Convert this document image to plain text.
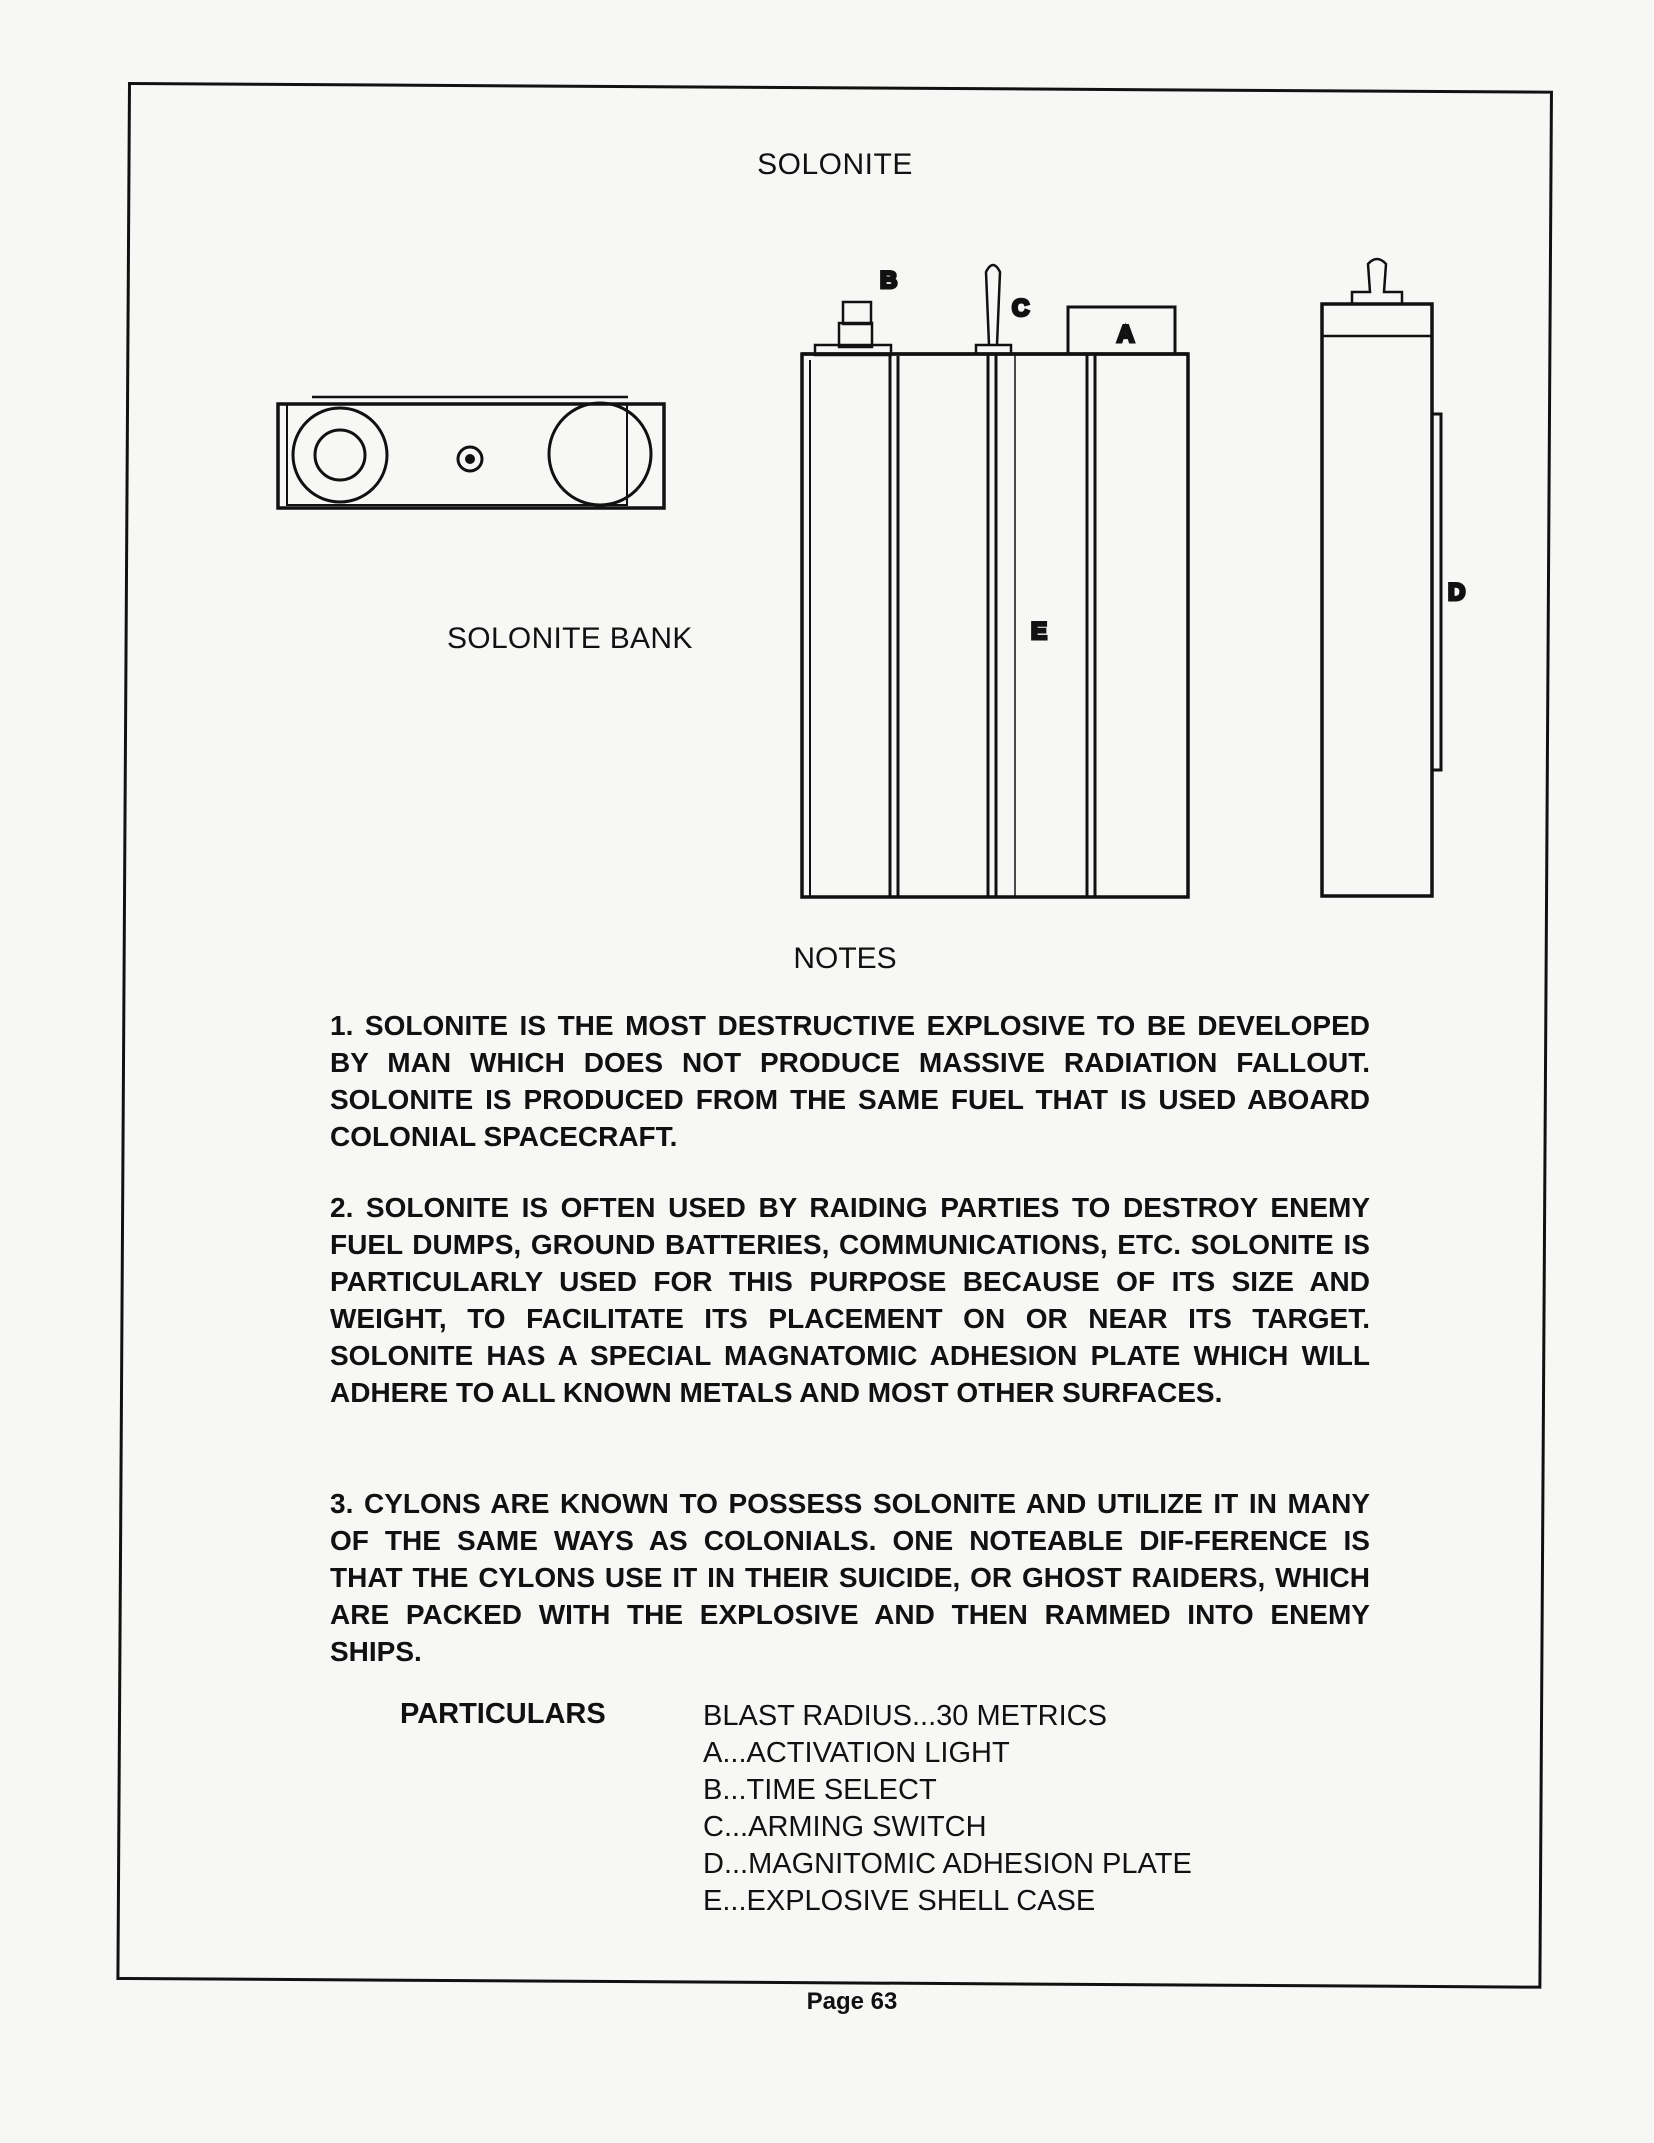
SOLONITE
B
C
A
D
E
SOLONITE BANK
NOTES

1. SOLONITE IS THE MOST DESTRUCTIVE EXPLOSIVE TO BE DEVELOPED BY MAN WHICH DOES NOT PRODUCE MASSIVE RADIATION FALLOUT. SOLONITE IS PRODUCED FROM THE SAME FUEL THAT IS USED ABOARD COLONIAL SPACECRAFT.

2. SOLONITE IS OFTEN USED BY RAIDING PARTIES TO DESTROY ENEMY FUEL DUMPS, GROUND BATTERIES, COMMUNICATIONS, ETC. SOLONITE IS PARTICULARLY USED FOR THIS PURPOSE BECAUSE OF ITS SIZE AND WEIGHT, TO FACILITATE ITS PLACEMENT ON OR NEAR ITS TARGET. SOLONITE HAS A SPECIAL MAGNATOMIC ADHESION PLATE WHICH WILL ADHERE TO ALL KNOWN METALS AND MOST OTHER SURFACES.

3. CYLONS ARE KNOWN TO POSSESS SOLONITE AND UTILIZE IT IN MANY OF THE SAME WAYS AS COLONIALS. ONE NOTEABLE DIF-FERENCE IS THAT THE CYLONS USE IT IN THEIR SUICIDE, OR GHOST RAIDERS, WHICH ARE PACKED WITH THE EXPLOSIVE AND THEN RAMMED INTO ENEMY SHIPS.

PARTICULARS	BLAST RADIUS...30 METRICS
A...ACTIVATION LIGHT
B...TIME SELECT
C...ARMING SWITCH
D...MAGNITOMIC ADHESION PLATE
E...EXPLOSIVE SHELL CASE
Page 63
